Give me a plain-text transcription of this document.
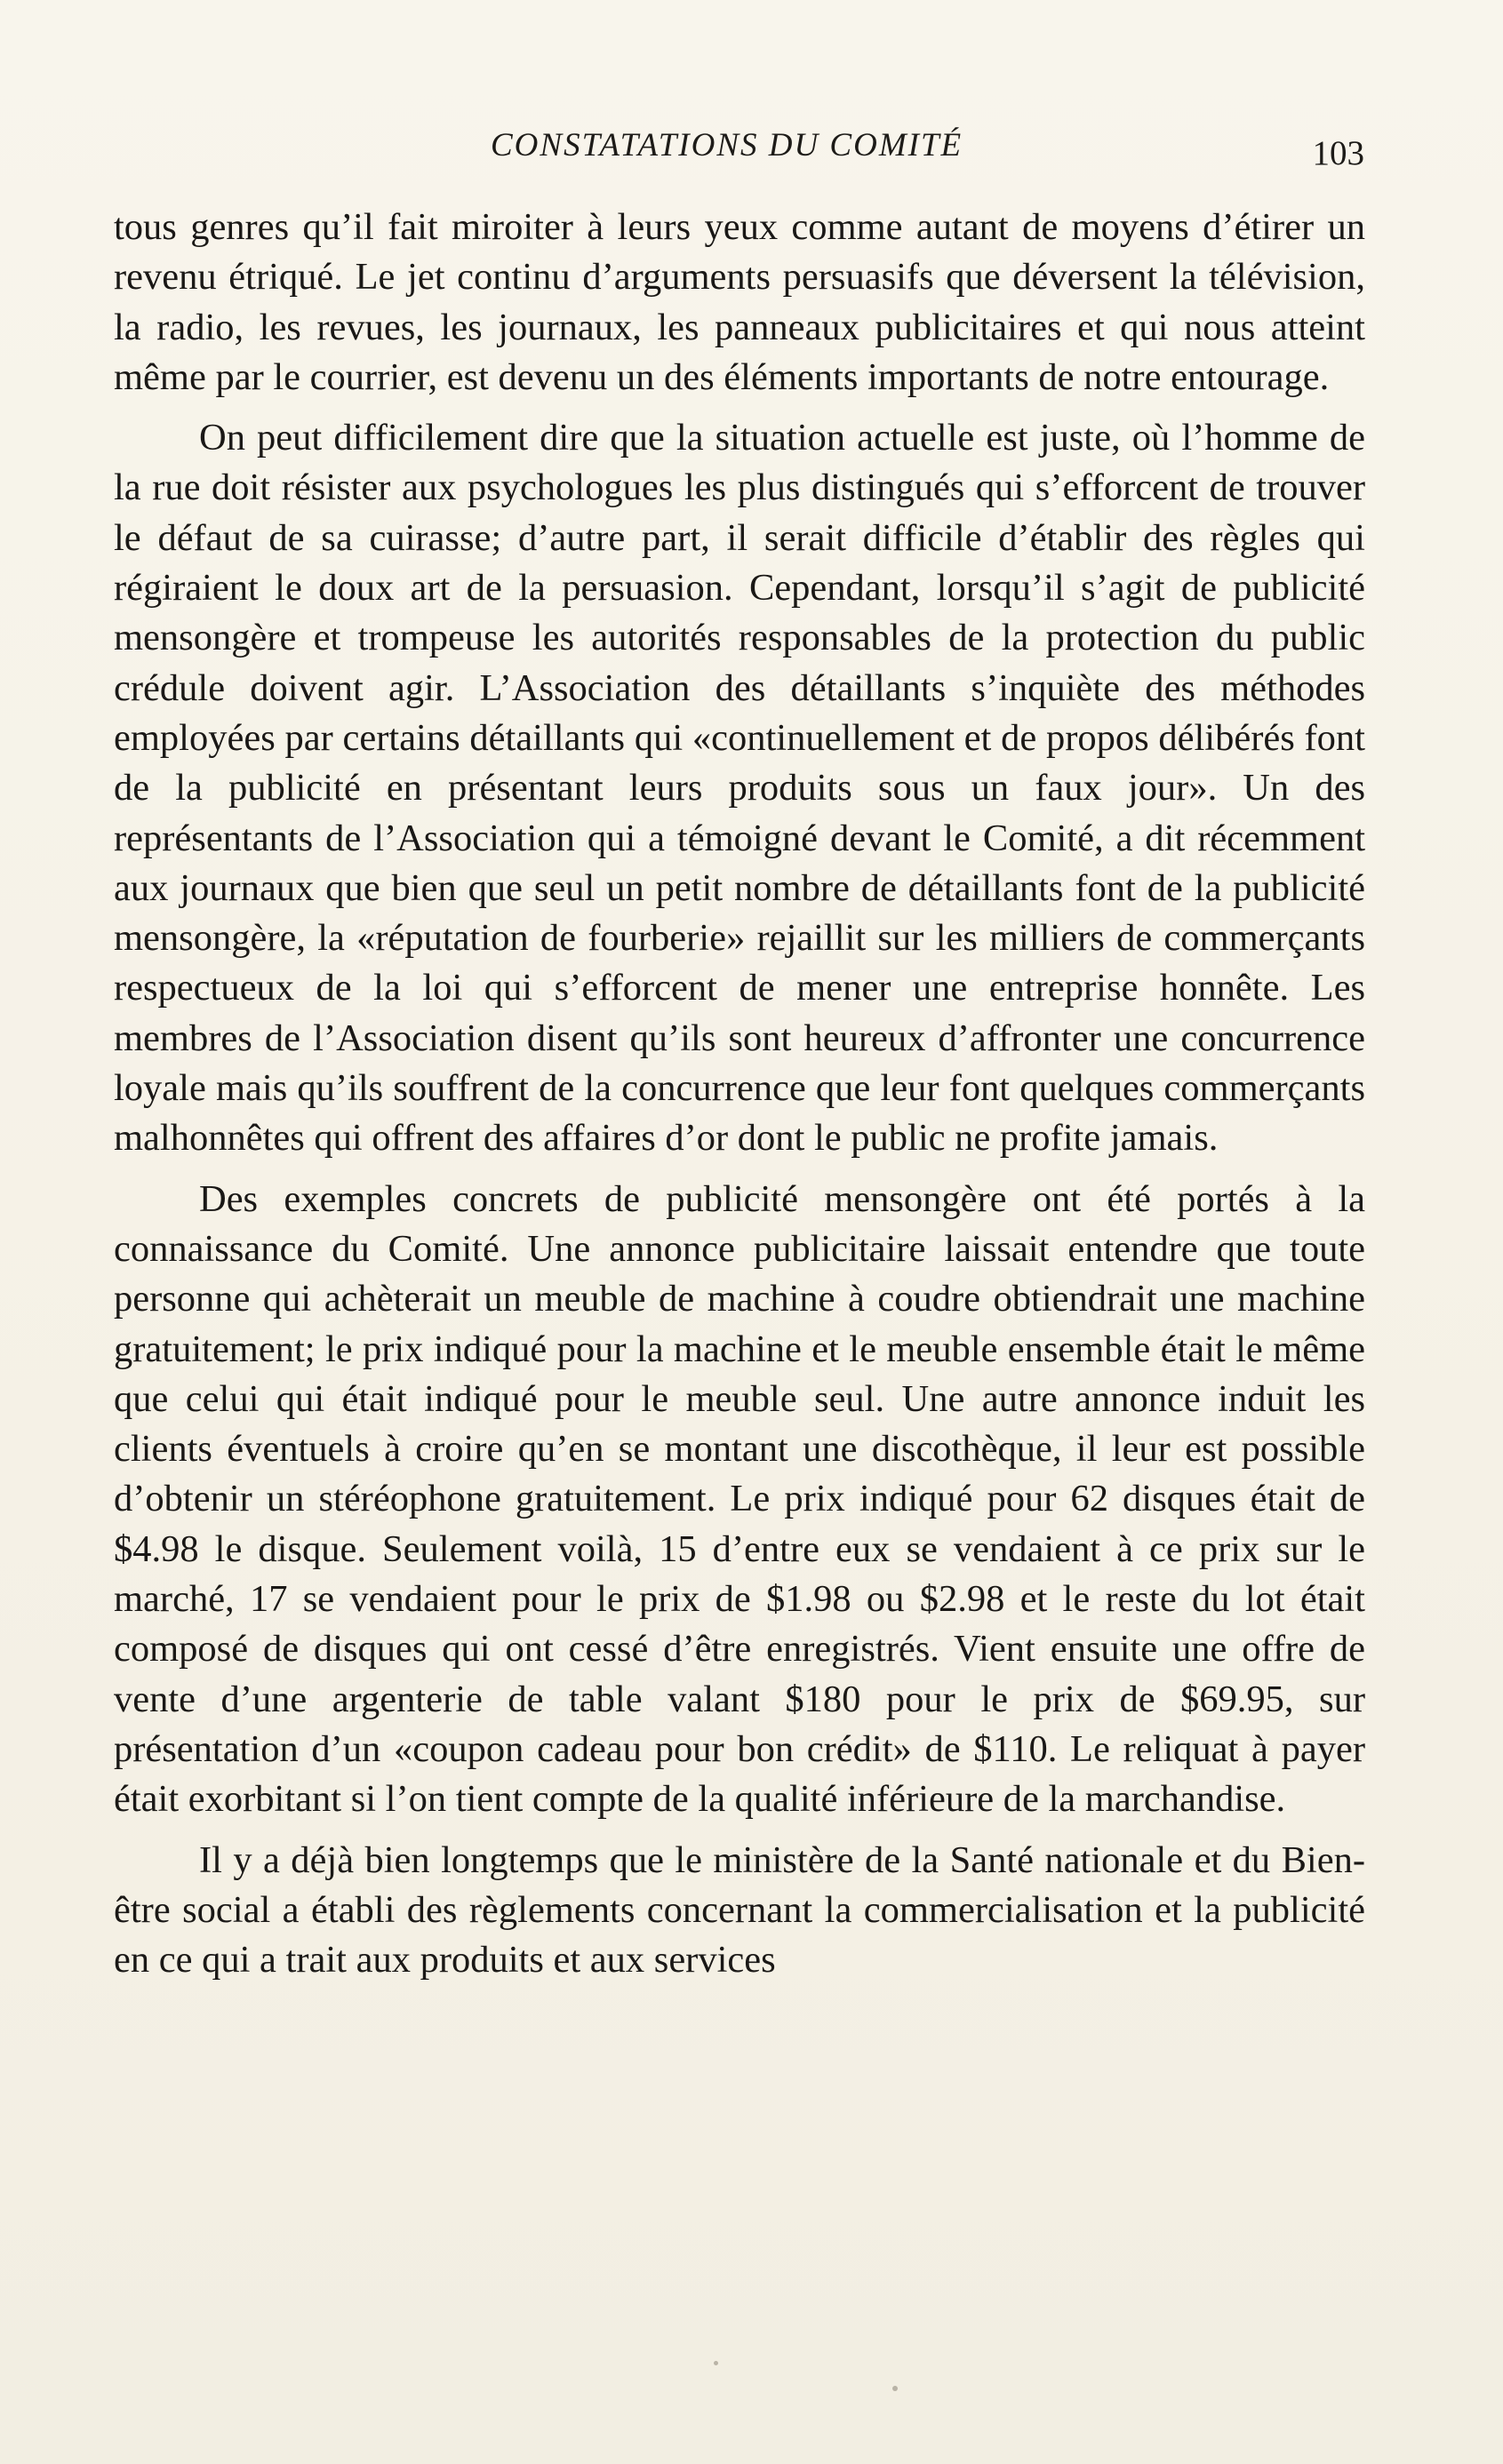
CONSTATATIONS DU COMITÉ	103

tous genres qu’il fait miroiter à leurs yeux comme autant de moyens d’étirer un revenu étriqué. Le jet continu d’arguments persuasifs que déversent la télévision, la radio, les revues, les journaux, les panneaux publicitaires et qui nous atteint même par le courrier, est devenu un des éléments importants de notre entourage.

On peut difficilement dire que la situation actuelle est juste, où l’homme de la rue doit résister aux psychologues les plus distingués qui s’efforcent de trouver le défaut de sa cuirasse; d’autre part, il serait difficile d’établir des règles qui régiraient le doux art de la persuasion. Cependant, lorsqu’il s’agit de publicité mensongère et trompeuse les autorités responsables de la protection du public crédule doivent agir. L’Association des détaillants s’inquiète des méthodes employées par certains détaillants qui «continuellement et de propos délibérés font de la publicité en présentant leurs produits sous un faux jour». Un des représentants de l’Association qui a témoigné devant le Comité, a dit récemment aux journaux que bien que seul un petit nombre de détaillants font de la publicité mensongère, la «réputation de fourberie» rejaillit sur les milliers de commerçants respectueux de la loi qui s’efforcent de mener une entreprise honnête. Les membres de l’Association disent qu’ils sont heureux d’affronter une concurrence loyale mais qu’ils souffrent de la concurrence que leur font quelques commerçants malhonnêtes qui offrent des affaires d’or dont le public ne profite jamais.

Des exemples concrets de publicité mensongère ont été portés à la connaissance du Comité. Une annonce publicitaire laissait entendre que toute personne qui achèterait un meuble de machine à coudre obtiendrait une machine gratuitement; le prix indiqué pour la machine et le meuble ensemble était le même que celui qui était indiqué pour le meuble seul. Une autre annonce induit les clients éventuels à croire qu’en se montant une discothèque, il leur est possible d’obtenir un stéréophone gratuitement. Le prix indiqué pour 62 disques était de $4.98 le disque. Seulement voilà, 15 d’entre eux se vendaient à ce prix sur le marché, 17 se vendaient pour le prix de $1.98 ou $2.98 et le reste du lot était composé de disques qui ont cessé d’être enregistrés. Vient ensuite une offre de vente d’une argenterie de table valant $180 pour le prix de $69.95, sur présentation d’un «coupon cadeau pour bon crédit» de $110. Le reliquat à payer était exorbitant si l’on tient compte de la qualité inférieure de la marchandise.

Il y a déjà bien longtemps que le ministère de la Santé nationale et du Bien-être social a établi des règlements concernant la commercialisation et la publicité en ce qui a trait aux produits et aux services
